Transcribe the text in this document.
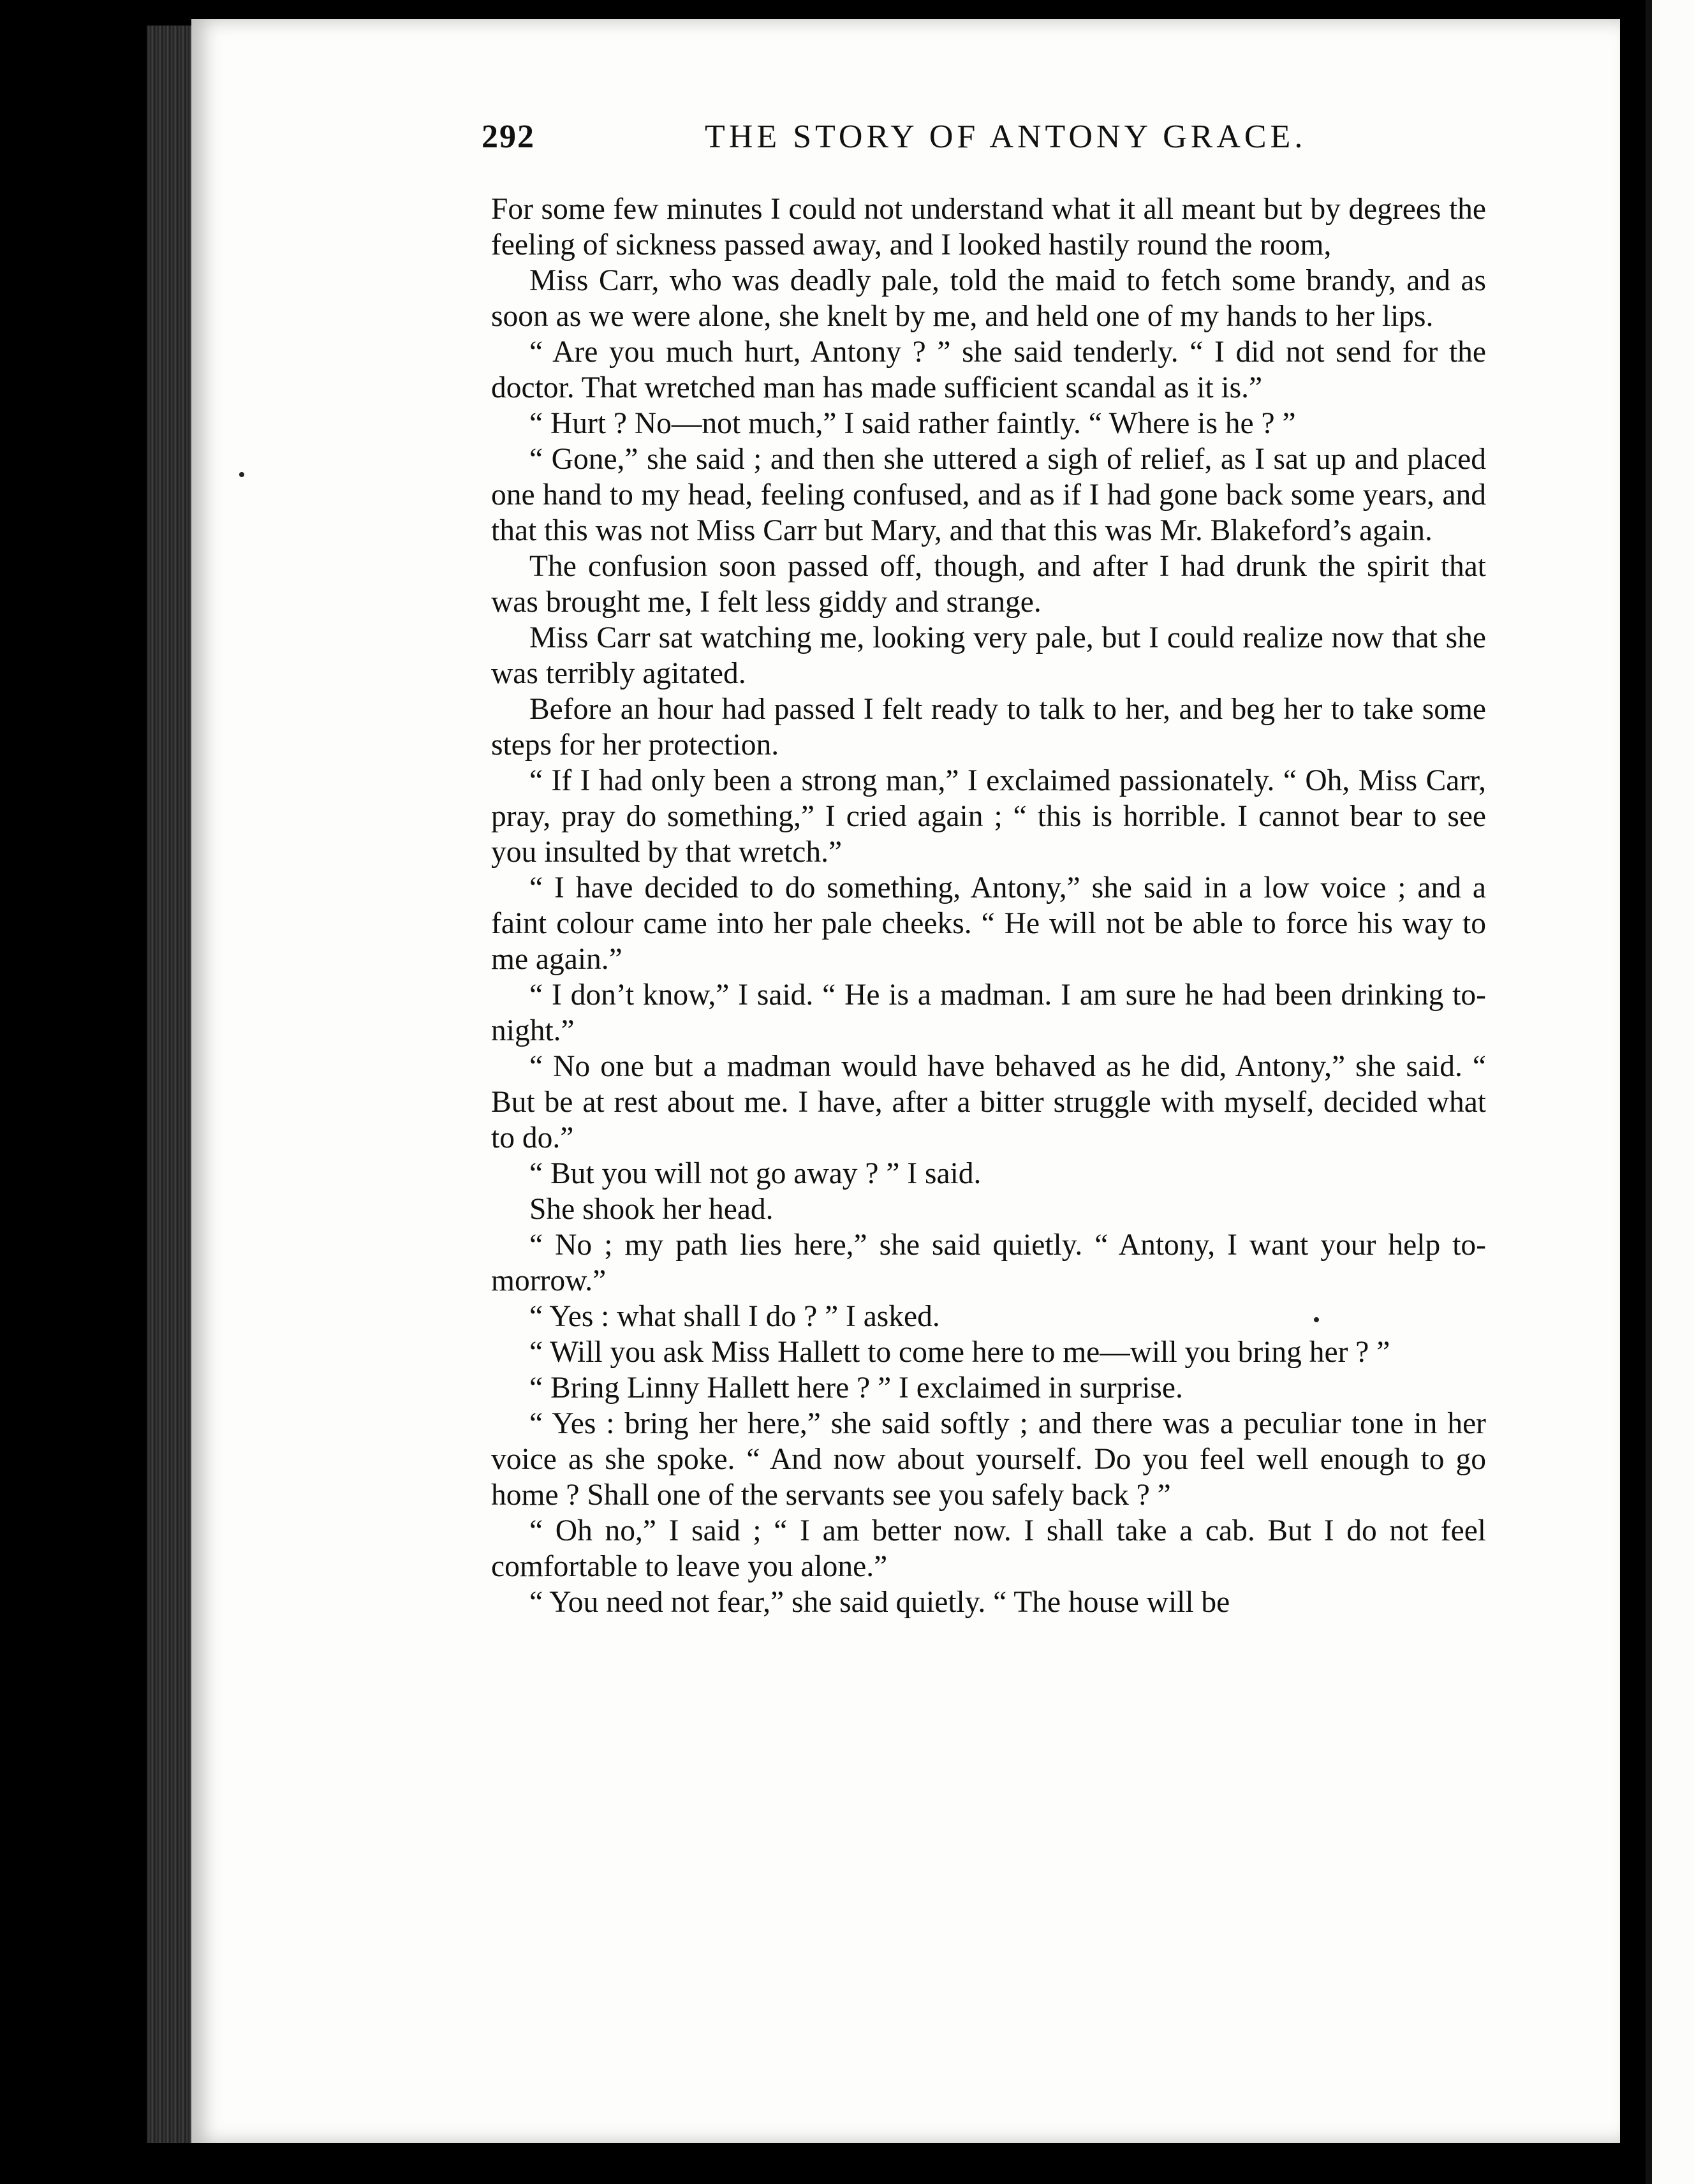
292	THE STORY OF ANTONY GRACE.

For some few minutes I could not understand what it all meant but by degrees the feeling of sickness passed away, and I looked hastily round the room,

Miss Carr, who was deadly pale, told the maid to fetch some brandy, and as soon as we were alone, she knelt by me, and held one of my hands to her lips.

“ Are you much hurt, Antony ? ” she said tenderly. “ I did not send for the doctor. That wretched man has made sufficient scandal as it is.”

“ Hurt ? No—not much,” I said rather faintly. “ Where is he ? ”

“ Gone,” she said ; and then she uttered a sigh of relief, as I sat up and placed one hand to my head, feeling confused, and as if I had gone back some years, and that this was not Miss Carr but Mary, and that this was Mr. Blakeford’s again.

The confusion soon passed off, though, and after I had drunk the spirit that was brought me, I felt less giddy and strange.

Miss Carr sat watching me, looking very pale, but I could realize now that she was terribly agitated.

Before an hour had passed I felt ready to talk to her, and beg her to take some steps for her protection.

“ If I had only been a strong man,” I exclaimed passionately. “ Oh, Miss Carr, pray, pray do something,” I cried again ; “ this is horrible. I cannot bear to see you insulted by that wretch.”

“ I have decided to do something, Antony,” she said in a low voice ; and a faint colour came into her pale cheeks. “ He will not be able to force his way to me again.”

“ I don’t know,” I said. “ He is a madman. I am sure he had been drinking to-night.”

“ No one but a madman would have behaved as he did, Antony,” she said. “ But be at rest about me. I have, after a bitter struggle with myself, decided what to do.”

“ But you will not go away ? ” I said.

She shook her head.

“ No ; my path lies here,” she said quietly. “ Antony, I want your help to-morrow.”

“ Yes : what shall I do ? ” I asked.

“ Will you ask Miss Hallett to come here to me—will you bring her ? ”

“ Bring Linny Hallett here ? ” I exclaimed in surprise.

“ Yes : bring her here,” she said softly ; and there was a peculiar tone in her voice as she spoke. “ And now about yourself. Do you feel well enough to go home ? Shall one of the servants see you safely back ? ”

“ Oh no,” I said ; “ I am better now. I shall take a cab. But I do not feel comfortable to leave you alone.”

“ You need not fear,” she said quietly. “ The house will be
